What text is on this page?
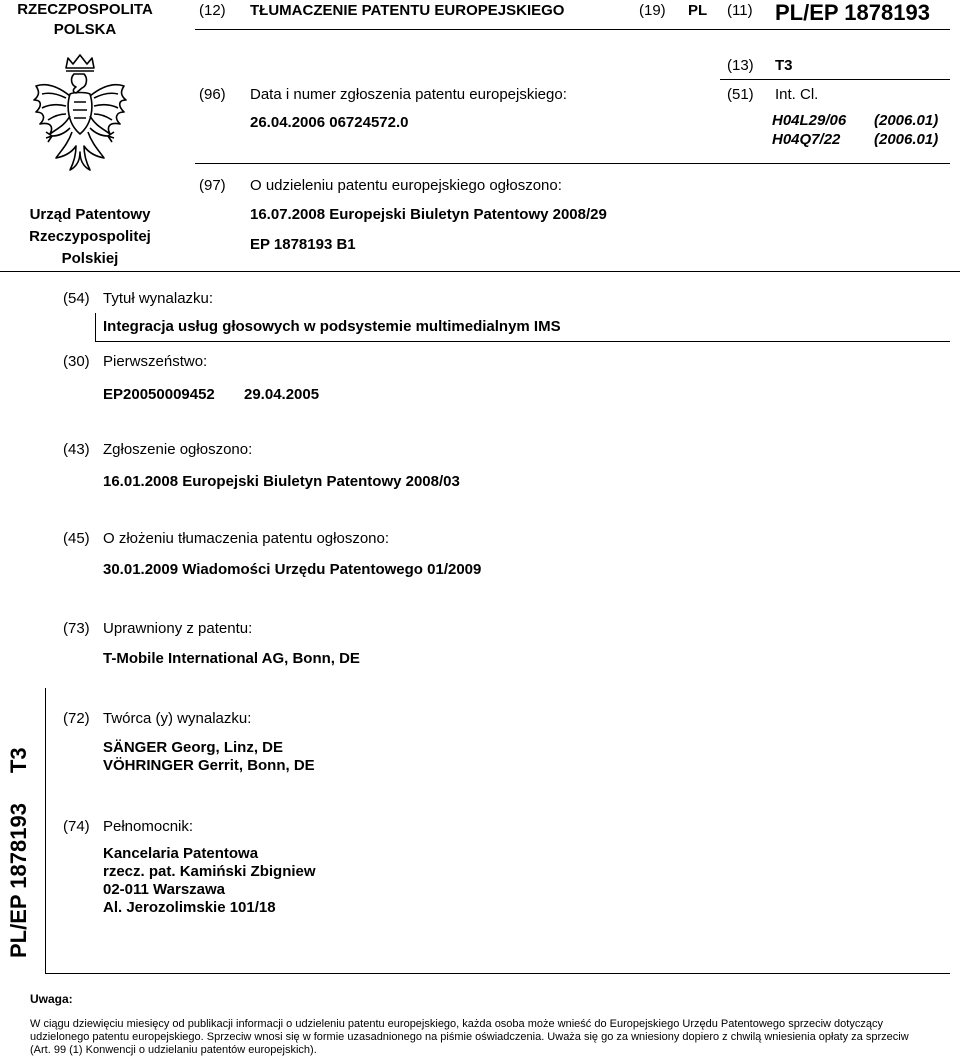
RZECZPOSPOLITA POLSKA
(12) TŁUMACZENIE PATENTU EUROPEJSKIEGO	(19) PL (11) PL/EP 1878193
(13) T3
(96) Data i numer zgłoszenia patentu europejskiego:	(51) Int. Cl.
26.04.2006 06724572.0	H04L29/06 (2006.01)
H04Q7/22 (2006.01)
(97) O udzieleniu patentu europejskiego ogłoszono:
16.07.2008 Europejski Biuletyn Patentowy 2008/29
EP 1878193 B1
Urząd Patentowy
Rzeczypospolitej
Polskiej
(54) Tytuł wynalazku:
Integracja usług głosowych w podsystemie multimedialnym IMS
(30) Pierwszeństwo:
EP20050009452 29.04.2005
(43) Zgłoszenie ogłoszono:
16.01.2008 Europejski Biuletyn Patentowy 2008/03
(45) O złożeniu tłumaczenia patentu ogłoszono:
30.01.2009 Wiadomości Urzędu Patentowego 01/2009
(73) Uprawniony z patentu:
T-Mobile International AG, Bonn, DE
(72) Twórca (y) wynalazku:
SÄNGER Georg, Linz, DE
VÖHRINGER Gerrit, Bonn, DE
(74) Pełnomocnik:
Kancelaria Patentowa
rzecz. pat. Kamiński Zbigniew
02-011 Warszawa
Al. Jerozolimskie 101/18
PL/EP 1878193T3
Uwaga:
W ciągu dziewięciu miesięcy od publikacji informacji o udzieleniu patentu europejskiego, każda osoba może wnieść do Europejskiego Urzędu Patentowego sprzeciw dotyczący udzielonego patentu europejskiego. Sprzeciw wnosi się w formie uzasadnionego na piśmie oświadczenia. Uważa się go za wniesiony dopiero z chwilą wniesienia opłaty za sprzeciw (Art. 99 (1) Konwencji o udzielaniu patentów europejskich).
